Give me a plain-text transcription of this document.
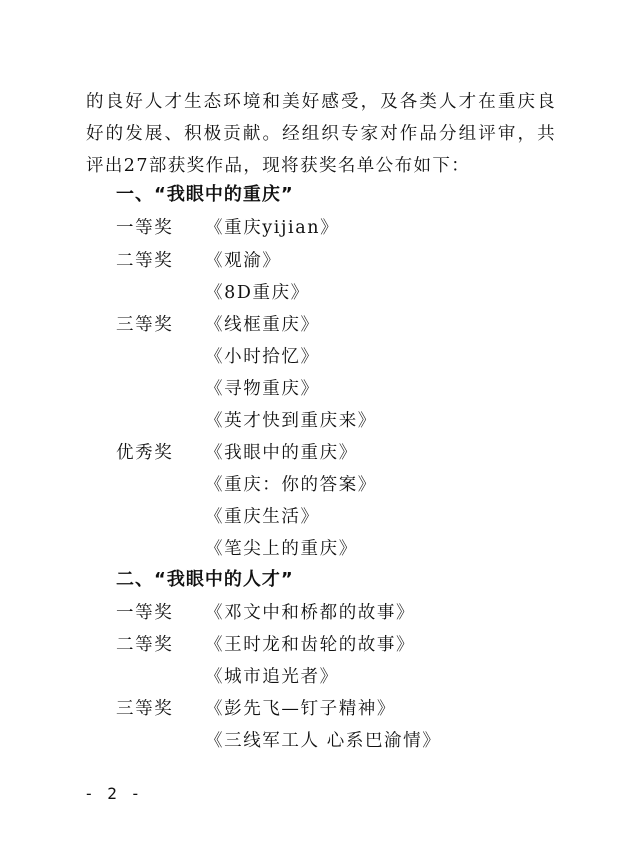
的良好人才生态环境和美好感受，及各类人才在重庆良好的发展、积极贡献。经组织专家对作品分组评审，共评出27部获奖作品，现将获奖名单公布如下：

一、“我眼中的重庆”
一等奖 《重庆yijian》
二等奖 《观渝》
《8D重庆》
三等奖 《线框重庆》
《小时拾忆》
《寻物重庆》
《英才快到重庆来》
优秀奖 《我眼中的重庆》
《重庆：你的答案》
《重庆生活》
《笔尖上的重庆》
二、“我眼中的人才”
一等奖 《邓文中和桥都的故事》
二等奖 《王时龙和齿轮的故事》
《城市追光者》
三等奖 《彭先飞—钉子精神》
《三线军工人 心系巴渝情》
- 2 -
